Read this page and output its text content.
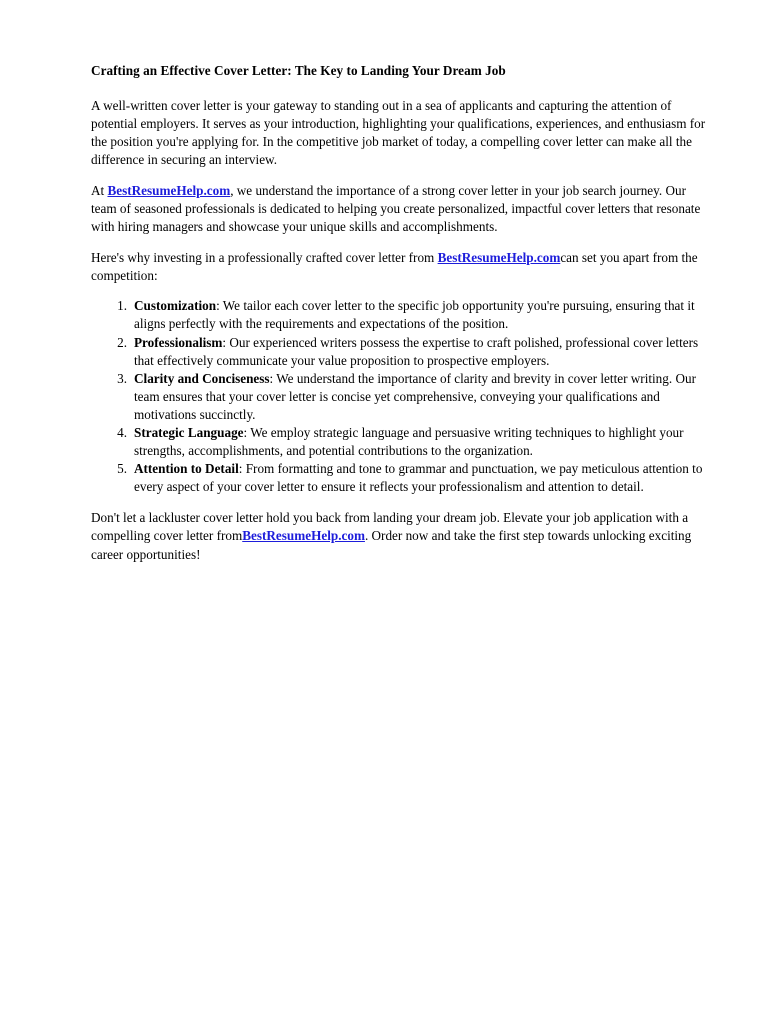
Crafting an Effective Cover Letter: The Key to Landing Your Dream Job

A well-written cover letter is your gateway to standing out in a sea of applicants and capturing the attention of potential employers. It serves as your introduction, highlighting your qualifications, experiences, and enthusiasm for the position you're applying for. In the competitive job market of today, a compelling cover letter can make all the difference in securing an interview.

At BestResumeHelp.com, we understand the importance of a strong cover letter in your job search journey. Our team of seasoned professionals is dedicated to helping you create personalized, impactful cover letters that resonate with hiring managers and showcase your unique skills and accomplishments.

Here's why investing in a professionally crafted cover letter from BestResumeHelp.comcan set you apart from the competition:

Customization: We tailor each cover letter to the specific job opportunity you're pursuing, ensuring that it aligns perfectly with the requirements and expectations of the position.
Professionalism: Our experienced writers possess the expertise to craft polished, professional cover letters that effectively communicate your value proposition to prospective employers.
Clarity and Conciseness: We understand the importance of clarity and brevity in cover letter writing. Our team ensures that your cover letter is concise yet comprehensive, conveying your qualifications and motivations succinctly.
Strategic Language: We employ strategic language and persuasive writing techniques to highlight your strengths, accomplishments, and potential contributions to the organization.
Attention to Detail: From formatting and tone to grammar and punctuation, we pay meticulous attention to every aspect of your cover letter to ensure it reflects your professionalism and attention to detail.

Don't let a lackluster cover letter hold you back from landing your dream job. Elevate your job application with a compelling cover letter fromBestResumeHelp.com. Order now and take the first step towards unlocking exciting career opportunities!
